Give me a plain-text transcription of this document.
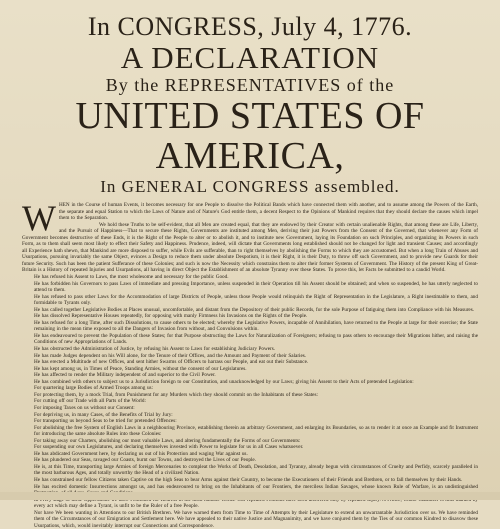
In CONGRESS, July 4, 1776.

A DECLARATION

By the REPRESENTATIVES of the

UNITED STATES OF AMERICA,

In GENERAL CONGRESS assembled.

W HEN in the Course of human Events, it becomes necessary for one People to dissolve the Political Bands which have connected them with another, and to assume among the Powers of the Earth, the separate and equal Station to which the Laws of Nature and of Nature's God entitle them, a decent Respect to the Opinions of Mankind requires that they should declare the causes which impel them to the Separation.

We hold these Truths to be self-evident, that all Men are created equal, that they are endowed by their Creator with certain unalienable Rights, that among these are Life, Liberty, and the Pursuit of Happiness—That to secure these Rights, Governments are instituted among Men, deriving their just Powers from the Consent of the Governed, that whenever any Form of Government becomes destructive of these Ends, it is the Right of the People to alter or to abolish it, and to institute new Government, laying its Foundation on such Principles, and organizing its Powers in such Form, as to them shall seem most likely to effect their Safety and Happiness. Prudence, indeed, will dictate that Governments long established should not be changed for light and transient Causes; and accordingly all Experience hath shewn, that Mankind are more disposed to suffer, while Evils are sufferable, than to right themselves by abolishing the Forms to which they are accustomed. But when a long Train of Abuses and Usurpations, pursuing invariably the same Object, evinces a Design to reduce them under absolute Despotism, it is their Right, it is their Duty, to throw off such Government, and to provide new Guards for their future Security. Such has been the patient Sufferance of these Colonies; and such is now the Necessity which constrains them to alter their former Systems of Government. The History of the present King of Great-Britain is a History of repeated Injuries and Usurpations, all having in direct Object the Establishment of an absolute Tyranny over these States. To prove this, let Facts be submitted to a candid World.

He has refused his Assent to Laws, the most wholesome and necessary for the public Good.

He has forbidden his Governors to pass Laws of immediate and pressing Importance, unless suspended in their Operation till his Assent should be obtained; and when so suspended, he has utterly neglected to attend to them.

He has refused to pass other Laws for the Accommodation of large Districts of People, unless those People would relinquish the Right of Representation in the Legislature, a Right inestimable to them, and formidable to Tyrants only.

He has called together Legislative Bodies at Places unusual, uncomfortable, and distant from the Depository of their public Records, for the sole Purpose of fatiguing them into Compliance with his Measures.

He has dissolved Representative Houses repeatedly, for opposing with manly Firmness his Invasions on the Rights of the People.

He has refused for a long Time, after such Dissolutions, to cause others to be elected; whereby the Legislative Powers, incapable of Annihilation, have returned to the People at large for their exercise; the State remaining in the mean time exposed to all the Dangers of Invasion from without, and Convulsions within.

He has endeavoured to prevent the Population of these States; for that Purpose obstructing the Laws for Naturalization of Foreigners; refusing to pass others to encourage their Migrations hither, and raising the Conditions of new Appropriations of Lands.

He has obstructed the Administration of Justice, by refusing his Assent to Laws for establishing Judiciary Powers.

He has made Judges dependent on his Will alone, for the Tenure of their Offices, and the Amount and Payment of their Salaries.

He has erected a Multitude of new Offices, and sent hither Swarms of Officers to harrass our People, and eat out their Substance.

He has kept among us, in Times of Peace, Standing Armies, without the consent of our Legislatures.

He has affected to render the Military independent of and superior to the Civil Power.

He has combined with others to subject us to a Jurisdiction foreign to our Constitution, and unacknowledged by our Laws; giving his Assent to their Acts of pretended Legislation:

For quartering large Bodies of Armed Troops among us:

For protecting them, by a mock Trial, from Punishment for any Murders which they should commit on the Inhabitants of these States:

For cutting off our Trade with all Parts of the World:

For imposing Taxes on us without our Consent:

For depriving us, in many Cases, of the Benefits of Trial by Jury:

For transporting us beyond Seas to be tried for pretended Offences:

For abolishing the free System of English Laws in a neighbouring Province, establishing therein an arbitrary Government, and enlarging its Boundaries, so as to render it at once an Example and fit Instrument for introducing the same absolute Rules into these Colonies:

For taking away our Charters, abolishing our most valuable Laws, and altering fundamentally the Forms of our Governments:

For suspending our own Legislatures, and declaring themselves invested with Power to legislate for us in all Cases whatsoever.

He has abdicated Government here, by declaring us out of his Protection and waging War against us.

He has plundered our Seas, ravaged our Coasts, burnt our Towns, and destroyed the Lives of our People.

He is, at this Time, transporting large Armies of foreign Mercenaries to compleat the Works of Death, Desolation, and Tyranny, already begun with circumstances of Cruelty and Perfidy, scarcely paralleled in the most barbarous Ages, and totally unworthy the Head of a civilized Nation.

He has constrained our fellow Citizens taken Captive on the high Seas to bear Arms against their Country, to become the Executioners of their Friends and Brethren, or to fall themselves by their Hands.

He has excited domestic Insurrections amongst us, and has endeavoured to bring on the Inhabitants of our Frontiers, the merciless Indian Savages, whose known Rule of Warfare, is an undistinguished

every act which may define a Tyrant, is unfit to be the Ruler of a free People.

Nor have We been wanting in Attentions to our British Brethren. We have warned them from Time to Time of Attempts by their Legislature to extend an unwarrantable Jurisdiction over us. We have reminded them of the Circumstances of our Emigration and Settlement here. We have appealed to their native Justice and Magnanimity, and we have conjured them by the Ties of our common Kindred to disavow these Usurpations, which, would inevitably interrupt our Connections and Correspondence.
